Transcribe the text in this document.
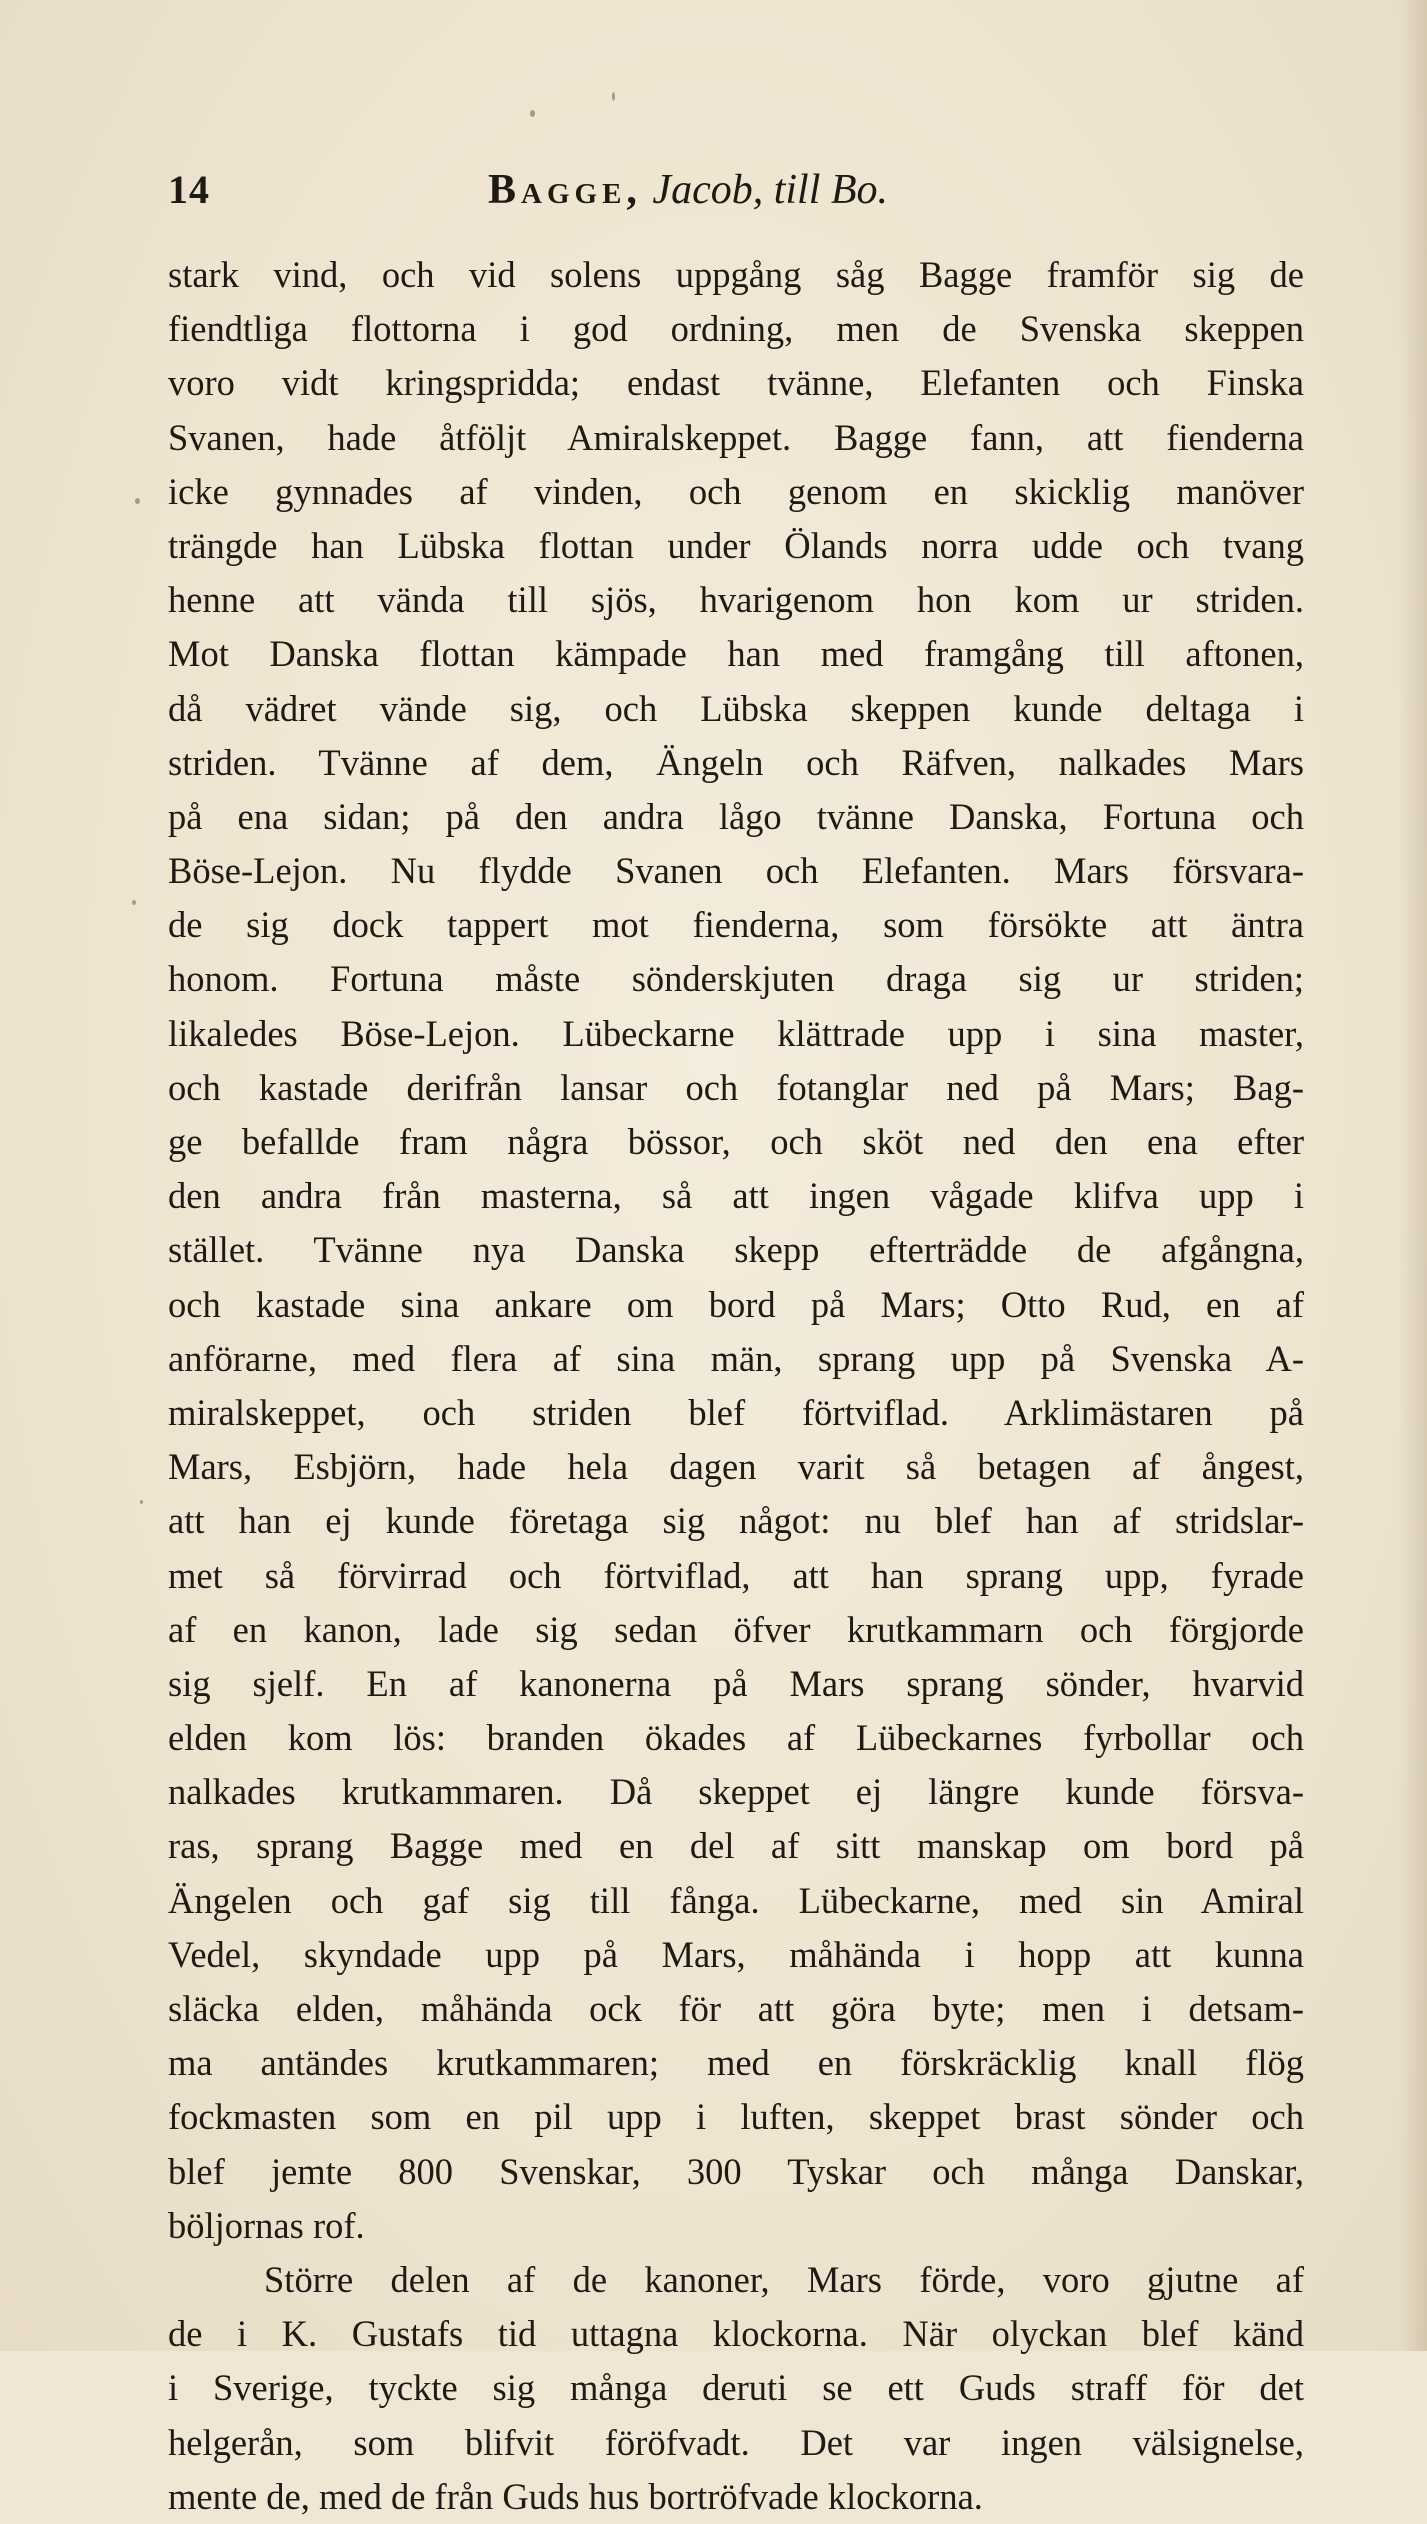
14	Bagge, Jacob, till Bo.
stark vind, och vid solens uppgång såg Bagge framför sig de
fiendtliga flottorna i god ordning, men de Svenska skeppen
voro vidt kringspridda; endast tvänne, Elefanten och Finska
Svanen, hade åtföljt Amiralskeppet. Bagge fann, att fienderna
icke gynnades af vinden, och genom en skicklig manöver
trängde han Lübska flottan under Ölands norra udde och tvang
henne att vända till sjös, hvarigenom hon kom ur striden.
Mot Danska flottan kämpade han med framgång till aftonen,
då vädret vände sig, och Lübska skeppen kunde deltaga i
striden. Tvänne af dem, Ängeln och Räfven, nalkades Mars
på ena sidan; på den andra lågo tvänne Danska, Fortuna och
Böse-Lejon. Nu flydde Svanen och Elefanten. Mars försvara-
de sig dock tappert mot fienderna, som försökte att äntra
honom. Fortuna måste sönderskjuten draga sig ur striden;
likaledes Böse-Lejon. Lübeckarne klättrade upp i sina master,
och kastade derifrån lansar och fotanglar ned på Mars; Bag-
ge befallde fram några bössor, och sköt ned den ena efter
den andra från masterna, så att ingen vågade klifva upp i
stället. Tvänne nya Danska skepp efterträdde de afgångna,
och kastade sina ankare om bord på Mars; Otto Rud, en af
anförarne, med flera af sina män, sprang upp på Svenska A-
miralskeppet, och striden blef förtviflad. Arklimästaren på
Mars, Esbjörn, hade hela dagen varit så betagen af ångest,
att han ej kunde företaga sig något: nu blef han af stridslar-
met så förvirrad och förtviflad, att han sprang upp, fyrade
af en kanon, lade sig sedan öfver krutkammarn och förgjorde
sig sjelf. En af kanonerna på Mars sprang sönder, hvarvid
elden kom lös: branden ökades af Lübeckarnes fyrbollar och
nalkades krutkammaren. Då skeppet ej längre kunde försva-
ras, sprang Bagge med en del af sitt manskap om bord på
Ängelen och gaf sig till fånga. Lübeckarne, med sin Amiral
Vedel, skyndade upp på Mars, måhända i hopp att kunna
släcka elden, måhända ock för att göra byte; men i detsam-
ma antändes krutkammaren; med en förskräcklig knall flög
fockmasten som en pil upp i luften, skeppet brast sönder och
blef jemte 800 Svenskar, 300 Tyskar och många Danskar,
böljornas rof.
Större delen af de kanoner, Mars förde, voro gjutne af
de i K. Gustafs tid uttagna klockorna. När olyckan blef känd
i Sverige, tyckte sig många deruti se ett Guds straff för det
helgerån, som blifvit föröfvadt. Det var ingen välsignelse,
mente de, med de från Guds hus bortröfvade klockorna.
